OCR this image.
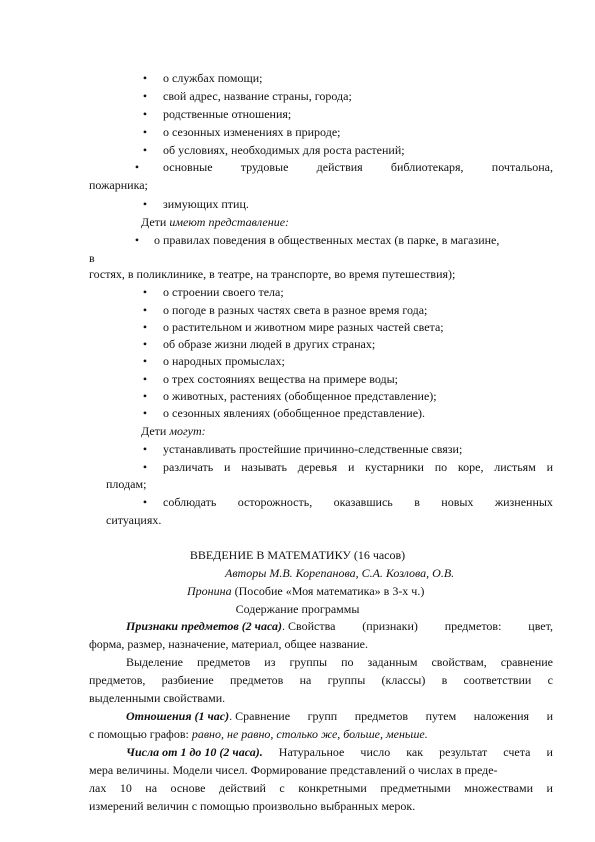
• о службах помощи;
• свой адрес, название страны, города;
• родственные отношения;
• о сезонных изменениях в природе;
• об условиях, необходимых для роста растений;
• основные трудовые действия библиотекаря, почтальона,
пожарника;
• зимующих птиц.
Дети имеют представление:
• о правилах поведения в общественных местах (в парке, в магазине,
в
гостях, в поликлинике, в театре, на транспорте, во время путешествия);
• о строении своего тела;
• о погоде в разных частях света в разное время года;
• о растительном и животном мире разных частей света;
• об образе жизни людей в других странах;
• о народных промыслах;
• о трех состояниях вещества на примере воды;
• о животных, растениях (обобщенное представление);
• о сезонных явлениях (обобщенное представление).
Дети могут:
• устанавливать простейшие причинно-следственные связи;
• различать и называть деревья и кустарники по коре, листьям и
плодам;
• соблюдать осторожность, оказавшись в новых жизненных
ситуациях.
ВВЕДЕНИЕ В МАТЕМАТИКУ (16 часов)
Авторы М.В. Корепанова, С.А. Козлова, О.В.
Пронина (Пособие «Моя математика» в 3-х ч.)
Содержание программы
Признаки предметов (2 часа). Свойства (признаки) предметов: цвет,
форма, размер, назначение, материал, общее название.
Выделение предметов из группы по заданным свойствам, сравнение
предметов, разбиение предметов на группы (классы) в соответствии с
выделенными свойствами.
Отношения (1 час). Сравнение групп предметов путем наложения и
с помощью графов: равно, не равно, столько же, больше, меньше.
Числа от 1 до 10 (2 часа). Натуральное число как результат счета и
мера величины. Модели чисел. Формирование представлений о числах в преде-
лах 10 на основе действий с конкретными предметными множествами и
измерений величин с помощью произвольно выбранных мерок.
